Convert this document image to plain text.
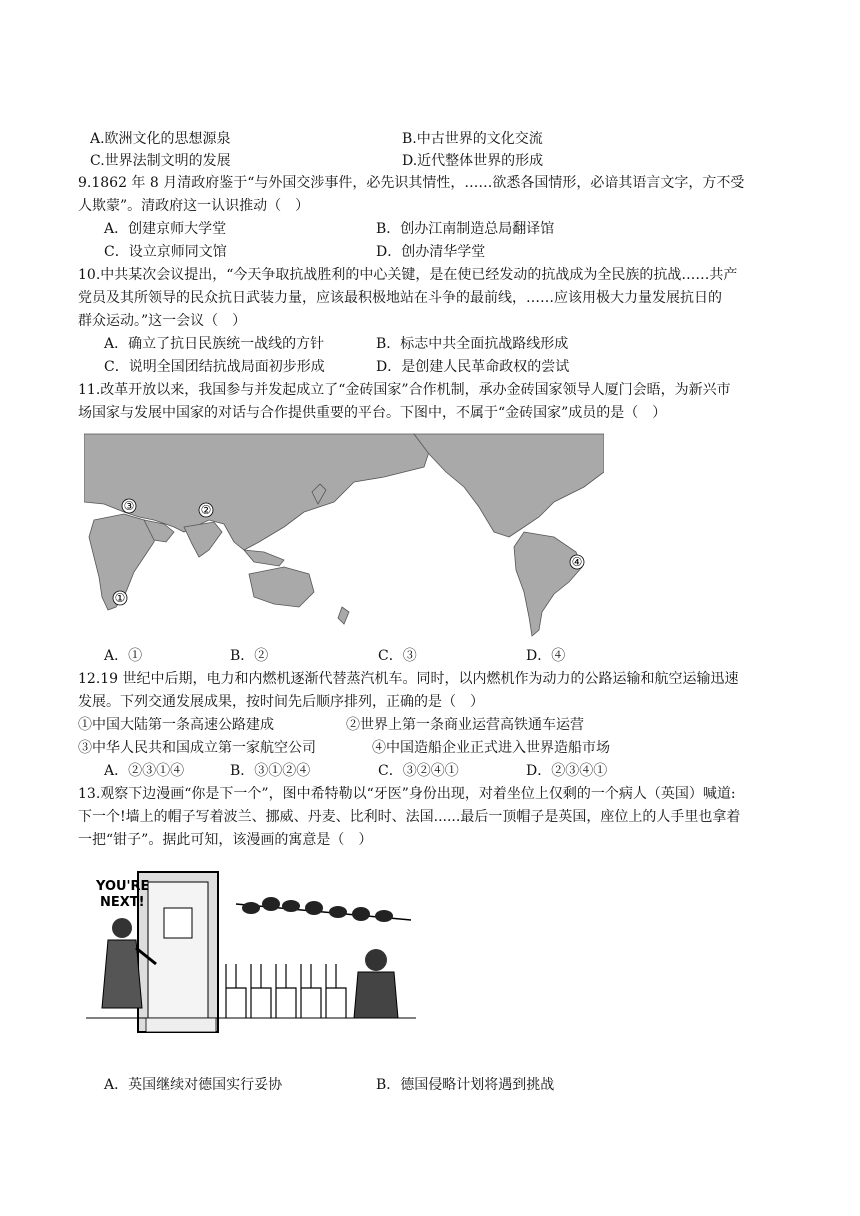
A.欧洲文化的思想源泉	B.中古世界的文化交流
C.世界法制文明的发展	D.近代整体世界的形成
9.1862 年 8 月清政府鉴于“与外国交涉事件，必先识其情性，……欲悉各国情形，必谙其语言文字，方不受
人欺蒙”。清政府这一认识推动（　）
A．创建京师大学堂	B．创办江南制造总局翻译馆
C．设立京师同文馆	D．创办清华学堂
10.中共某次会议提出，“今天争取抗战胜利的中心关键，是在使已经发动的抗战成为全民族的抗战……共产
党员及其所领导的民众抗日武装力量，应该最积极地站在斗争的最前线，……应该用极大力量发展抗日的
群众运动。”这一会议（　）
A．确立了抗日民族统一战线的方针	B．标志中共全面抗战路线形成
C．说明全国团结抗战局面初步形成	D．是创建人民革命政权的尝试
11.改革开放以来，我国参与并发起成立了“金砖国家”合作机制，承办金砖国家领导人厦门会晤，为新兴市
场国家与发展中国家的对话与合作提供重要的平台。下图中，不属于“金砖国家”成员的是（　）
①
②
③
④
A．①	B．②	C．③	D．④
12.19 世纪中后期，电力和内燃机逐渐代替蒸汽机车。同时，以内燃机作为动力的公路运输和航空运输迅速
发展。下列交通发展成果，按时间先后顺序排列，正确的是（　）
①中国大陆第一条高速公路建成	②世界上第一条商业运营高铁通车运营
③中华人民共和国成立第一家航空公司	④中国造船企业正式进入世界造船市场
A．②③①④	B．③①②④	C．③②④①	D．②③④①
13.观察下边漫画“你是下一个”，图中希特勒以“牙医”身份出现，对着坐位上仅剩的一个病人（英国）喊道:
下一个!墙上的帽子写着波兰、挪威、丹麦、比利时、法国......最后一顶帽子是英国，座位上的人手里也拿着
一把“钳子”。据此可知，该漫画的寓意是（　）
YOU'RE
NEXT!
A．英国继续对德国实行妥协	B．德国侵略计划将遇到挑战
